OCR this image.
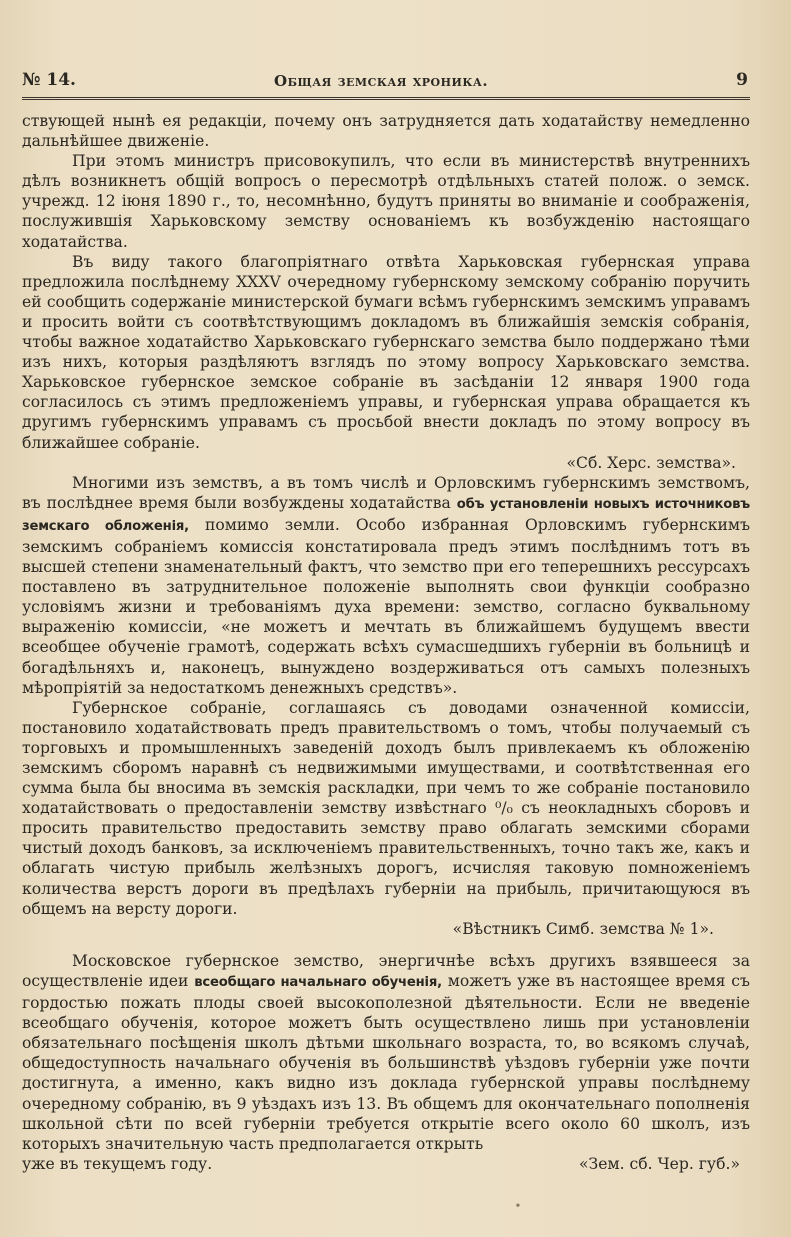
№ 14.	Общая земская хроника.	9

ствующей нынѣ ея редакціи, почему онъ затрудняется дать ходатайству немедленно дальнѣйшее движеніе.

При этомъ министръ присовокупилъ, что если въ министерствѣ внутреннихъ дѣлъ возникнетъ общій вопросъ о пересмотрѣ отдѣльныхъ статей полож. о земск. учрежд. 12 іюня 1890 г., то, несомнѣнно, будутъ приняты во вниманіе и соображенія, послужившія Харьковскому земству основаніемъ къ возбужденію настоящаго ходатайства.

Въ виду такого благопріятнаго отвѣта Харьковская губернская управа предложила послѣднему XXXV очередному губернскому земскому собранію поручить ей сообщить содержаніе министерской бумаги всѣмъ губернскимъ земскимъ управамъ и просить войти съ соотвѣтствующимъ докладомъ въ ближайшія земскія собранія, чтобы важное ходатайство Харьковскаго губернскаго земства было поддержано тѣми изъ нихъ, которыя раздѣляютъ взглядъ по этому вопросу Харьковскаго земства. Харьковское губернское земское собраніе въ засѣданіи 12 января 1900 года согласилось съ этимъ предложеніемъ управы, и губернская управа обращается къ другимъ губернскимъ управамъ съ просьбой внести докладъ по этому вопросу въ ближайшее собраніе.

«Сб. Херс. земства».

Многими изъ земствъ, а въ томъ числѣ и Орловскимъ губернскимъ земствомъ, въ послѣднее время были возбуждены ходатайства объ установленіи новыхъ источниковъ земскаго обложенія, помимо земли. Особо избранная Орловскимъ губернскимъ земскимъ собраніемъ комиссія констатировала предъ этимъ послѣднимъ тотъ въ высшей степени знаменательный фактъ, что земство при его теперешнихъ рессурсахъ поставлено въ затруднительное положеніе выполнять свои функціи сообразно условіямъ жизни и требованіямъ духа времени: земство, согласно буквальному выраженію комиссіи, «не можетъ и мечтать въ ближайшемъ будущемъ ввести всеобщее обученіе грамотѣ, содержать всѣхъ сумасшедшихъ губерніи въ больницѣ и богадѣльняхъ и, наконецъ, вынуждено воздерживаться отъ самыхъ полезныхъ мѣропріятій за недостаткомъ денежныхъ средствъ».

Губернское собраніе, соглашаясь съ доводами означенной комиссіи, постановило ходатайствовать предъ правительствомъ о томъ, чтобы получаемый съ торговыхъ и промышленныхъ заведеній доходъ былъ привлекаемъ къ обложенію земскимъ сборомъ наравнѣ съ недвижимыми имуществами, и соотвѣтственная его сумма была бы вносима въ земскія раскладки, при чемъ то же собраніе постановило ходатайствовать о предоставленіи земству извѣстнаго ⁰/₀ съ неокладныхъ сборовъ и просить правительство предоставить земству право облагать земскими сборами чистый доходъ банковъ, за исключеніемъ правительственныхъ, точно такъ же, какъ и облагать чистую прибыль желѣзныхъ дорогъ, исчисляя таковую помноженіемъ количества верстъ дороги въ предѣлахъ губерніи на прибыль, причитающуюся въ общемъ на версту дороги.

«Вѣстникъ Симб. земства № 1».

Московское губернское земство, энергичнѣе всѣхъ другихъ взявшееся за осуществленіе идеи всеобщаго начальнаго обученія, можетъ уже въ настоящее время съ гордостью пожать плоды своей высокополезной дѣятельности. Если не введеніе всеобщаго обученія, которое можетъ быть осуществлено лишь при установленіи обязательнаго посѣщенія школъ дѣтьми школьнаго возраста, то, во всякомъ случаѣ, общедоступность начальнаго обученія въ большинствѣ уѣздовъ губерніи уже почти достигнута, а именно, какъ видно изъ доклада губернской управы послѣднему очередному собранію, въ 9 уѣздахъ изъ 13. Въ общемъ для окончательнаго пополненія школьной сѣти по всей губерніи требуется открытіе всего около 60 школъ, изъ которыхъ значительную часть предполагается открыть

уже въ текущемъ году.	«Зем. сб. Чер. губ.»
∙
